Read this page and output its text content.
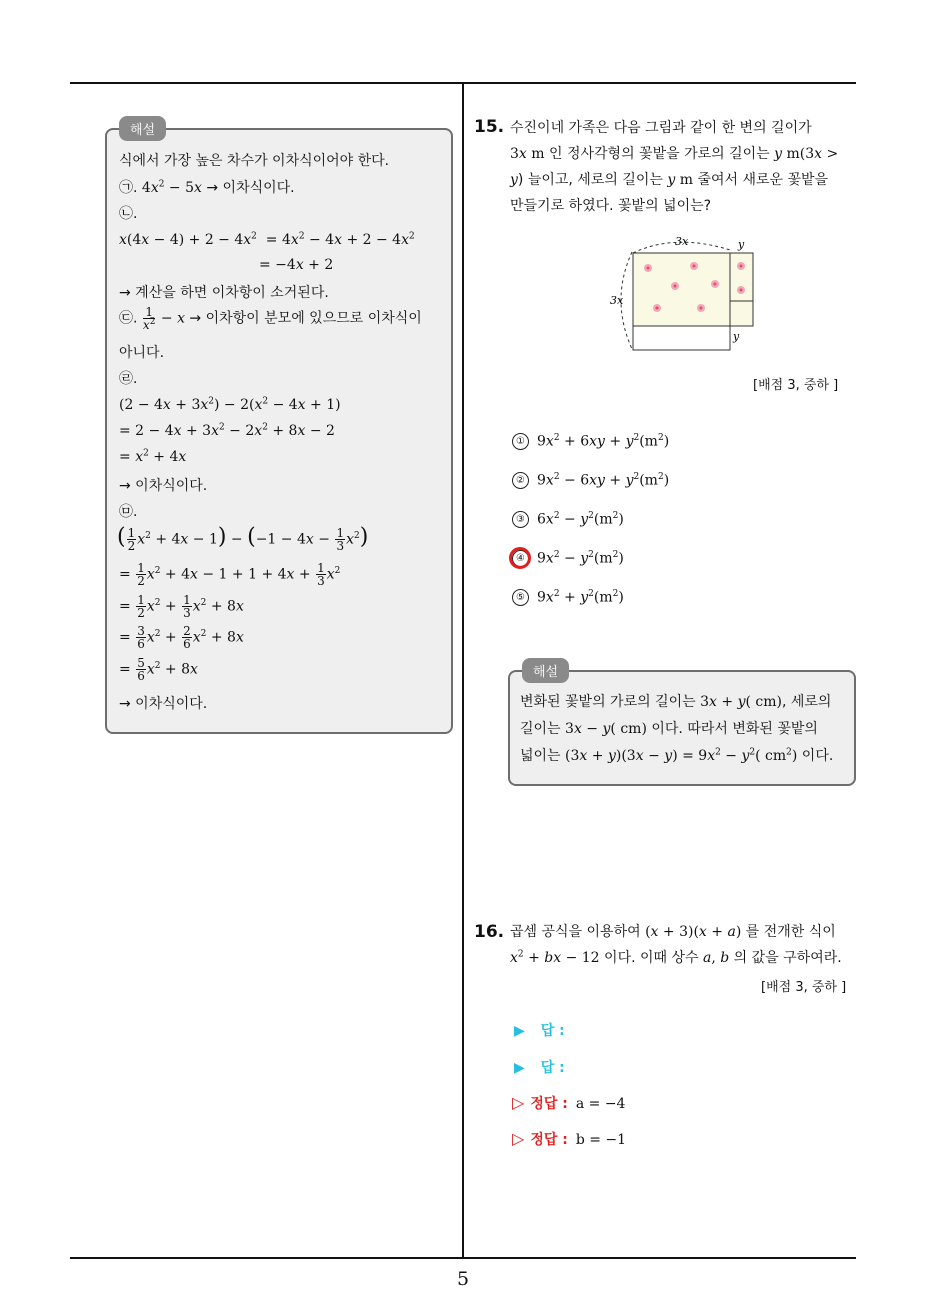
5
해설
식에서 가장 높은 차수가 이차식이어야 한다.
㉠. $4x^2 - 5x$ → 이차식이다.
㉡.
$x(4x - 4) + 2 - 4x^2 = 4x^2 - 4x + 2 - 4x^2$
= −4x + 2
→ 계산을 하면 이차항이 소거된다.
㉢. $\frac{1}{x^2} - x$ → 이차항이 분모에 있으므로 이차식이
아니다.
㉣.
$(2 - 4x + 3x^2) - 2(x^2 - 4x + 1)$
= $2 - 4x + 3x^2 - 2x^2 + 8x - 2$
= $x^2 + 4x$
→ 이차식이다.
㉤.
( $\frac{1}{2} x^2 + 4x - 1) - (-1 - 4x - \frac{1}{3} x^2)$
= $\frac{1}{2} x^2 + 4x - 1 + 1 + 4x + \frac{1}{3} x^2$
= $\frac{1}{2} x^2 + \frac{1}{3} x^2 + 8x$
= $\frac{3}{6} x^2 + \frac{2}{6} x^2 + 8x$
= $\frac{5}{6} x^2 + 8x$
→ 이차식이다.
15. 수진이네 가족은 다음 그림과 같이 한 변의 길이가
3x m 인 정사각형의 꽃밭을 가로의 길이는 y m(3x >
y) 늘이고, 세로의 길이는 y m 줄여서 새로운 꽃밭을
만들기로 하였다. 꽃밭의 넓이는?
3x	y
3x
y
[배점 3, 중하 ]
① $9x^2 + 6xy + y^2(m^2)$
② $9x^2 - 6xy + y^2(m^2)$
③ $6x^2 - y^2(m^2)$
④ $9x^2 - y^2(m^2)$
⑤ $9x^2 + y^2(m^2)$
해설
변화된 꽃밭의 가로의 길이는 3x + y( cm), 세로의
길이는 3x − y( cm) 이다. 따라서 변화된 꽃밭의
넓이는 $(3x + y)(3x - y) = 9x^2 - y^2$( $cm^2$) 이다.
16. 곱셈 공식을 이용하여 (x + 3)(x + a) 를 전개한 식이
$x^2$ + bx − 12 이다. 이때 상수 a, b 의 값을 구하여라.
[배점 3, 중하 ]
▶ 답 :
▶ 답 :
▷ 정답 : a = −4
▷ 정답 : b = −1
